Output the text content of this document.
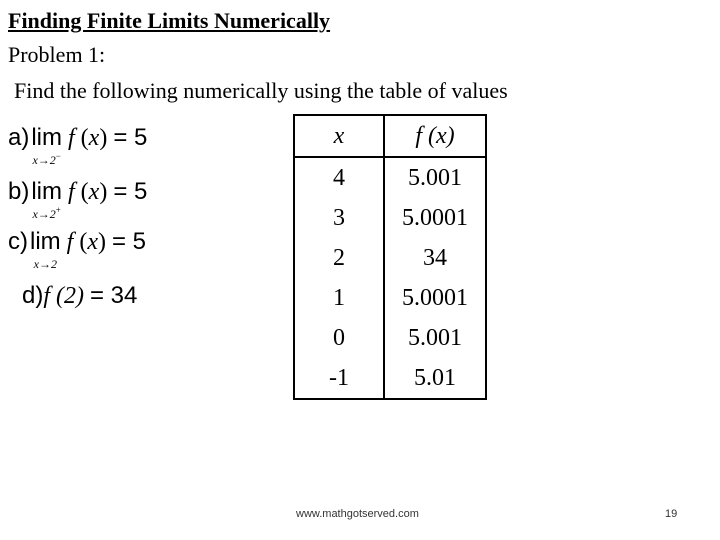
Finding Finite Limits Numerically
Problem 1:
Find the following numerically using the table of values
a) lim
x→2−
f (x) = 5
b) lim
x→2+
f (x) = 5
c) lim
x→2
f (x) = 5
d) f (2) = 34
x	f (x)
4	5.001
3	5.0001
2	34
1	5.0001
0	5.001
-1	5.01
www.mathgotserved.com	19
